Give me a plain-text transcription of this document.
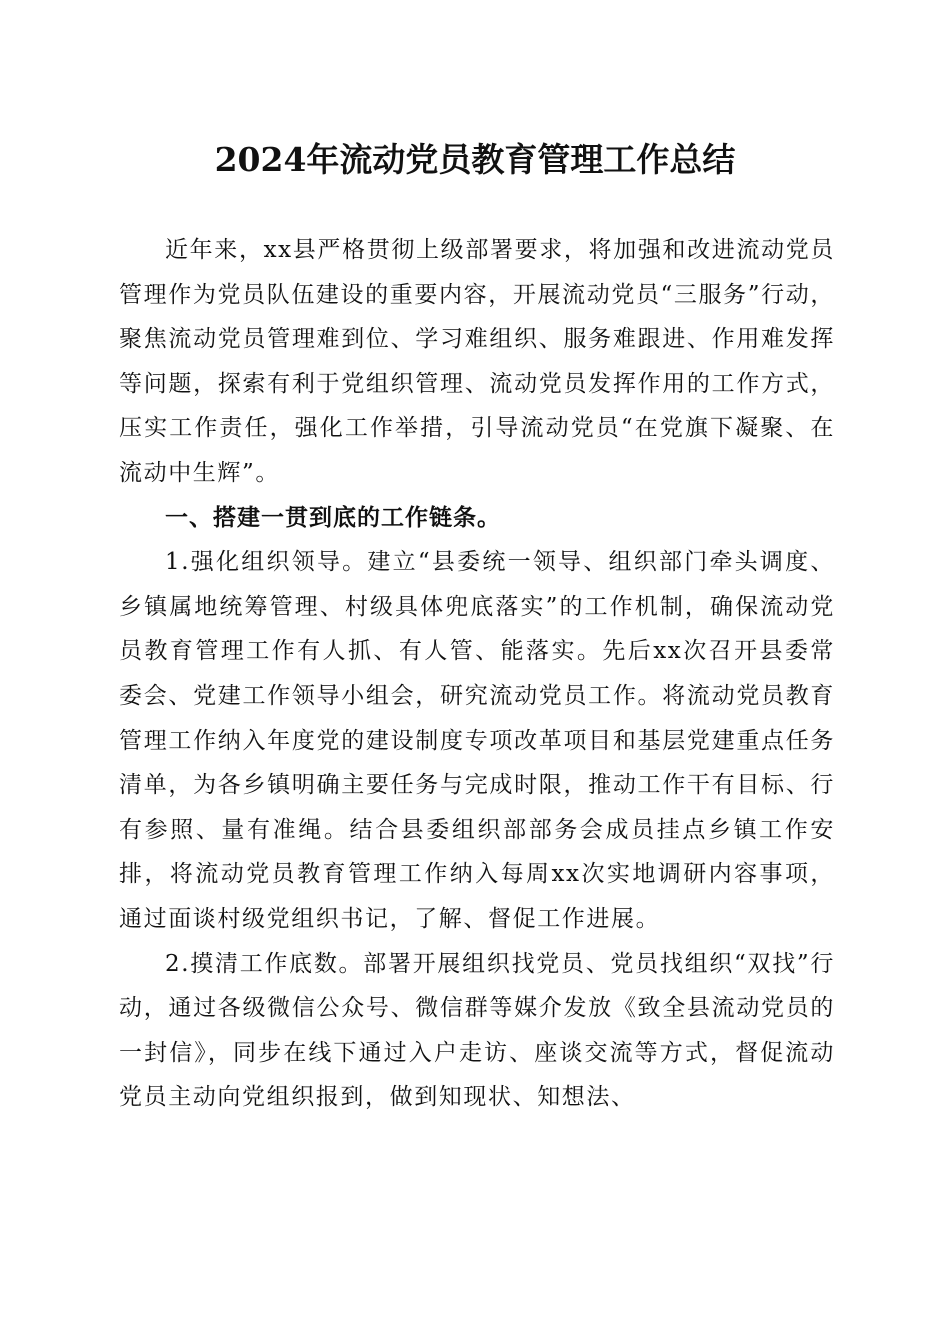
2024年流动党员教育管理工作总结

近年来，xx县严格贯彻上级部署要求，将加强和改进流动党员管理作为党员队伍建设的重要内容，开展流动党员“三服务”行动，聚焦流动党员管理难到位、学习难组织、服务难跟进、作用难发挥等问题，探索有利于党组织管理、流动党员发挥作用的工作方式，压实工作责任，强化工作举措，引导流动党员“在党旗下凝聚、在流动中生辉”。

一、搭建一贯到底的工作链条。

1.强化组织领导。建立“县委统一领导、组织部门牵头调度、乡镇属地统筹管理、村级具体兜底落实”的工作机制，确保流动党员教育管理工作有人抓、有人管、能落实。先后xx次召开县委常委会、党建工作领导小组会，研究流动党员工作。将流动党员教育管理工作纳入年度党的建设制度专项改革项目和基层党建重点任务清单，为各乡镇明确主要任务与完成时限，推动工作干有目标、行有参照、量有准绳。结合县委组织部部务会成员挂点乡镇工作安排，将流动党员教育管理工作纳入每周xx次实地调研内容事项，通过面谈村级党组织书记，了解、督促工作进展。

2.摸清工作底数。部署开展组织找党员、党员找组织“双找”行动，通过各级微信公众号、微信群等媒介发放《致全县流动党员的一封信》，同步在线下通过入户走访、座谈交流等方式，督促流动党员主动向党组织报到，做到知现状、知想法、
